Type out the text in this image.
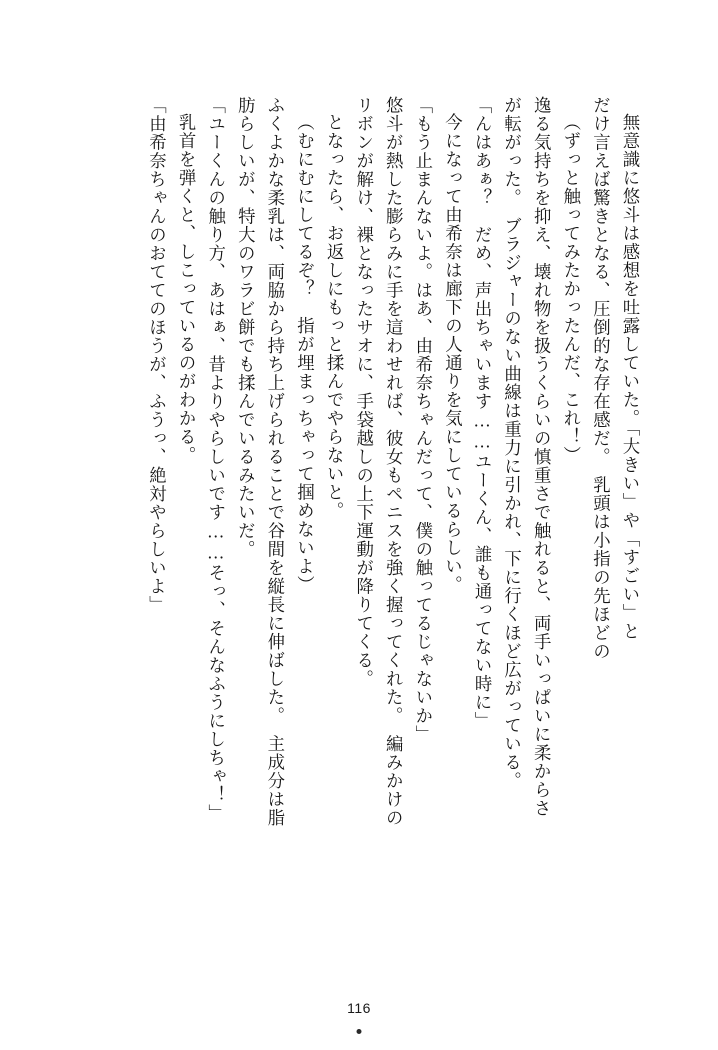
無意識に悠斗は感想を吐露していた。「大きい」や「すごい」と
だけ言えば驚きとなる、圧倒的な存在感だ。　乳頭は小指の先ほどの
（ずっと触ってみたかったんだ、これ！）
逸る気持ちを抑え、壊れ物を扱うくらいの慎重さで触れると、両手いっぱいに柔からさ
が転がった。　ブラジャーのない曲線は重力に引かれ、下に行くほど広がっている。
「んはあぁ？　だめ、声出ちゃいます……ユーくん、誰も通ってない時に」
今になって由希奈は廊下の人通りを気にしているらしい。
「もう止まんないよ。はあ、由希奈ちゃんだって、僕の触ってるじゃないか」
悠斗が熱した膨らみに手を這わせれば、彼女もペニスを強く握ってくれた。　編みかけの
リボンが解け、裸となったサオに、手袋越しの上下運動が降りてくる。
となったら、お返しにもっと揉んでやらないと。
（むにむにしてるぞ？　指が埋まっちゃって掴めないよ）
ふくよかな柔乳は、両脇から持ち上げられることで谷間を縦長に伸ばした。　主成分は脂
肪らしいが、特大のワラビ餅でも揉んでいるみたいだ。
「ユーくんの触り方、あはぁ、昔よりやらしいです……そっ、そんなふうにしちゃ！」
乳首を弾くと、しこっているのがわかる。
「由希奈ちゃんのおててのほうが、ふうっ、絶対やらしいよ」
116
